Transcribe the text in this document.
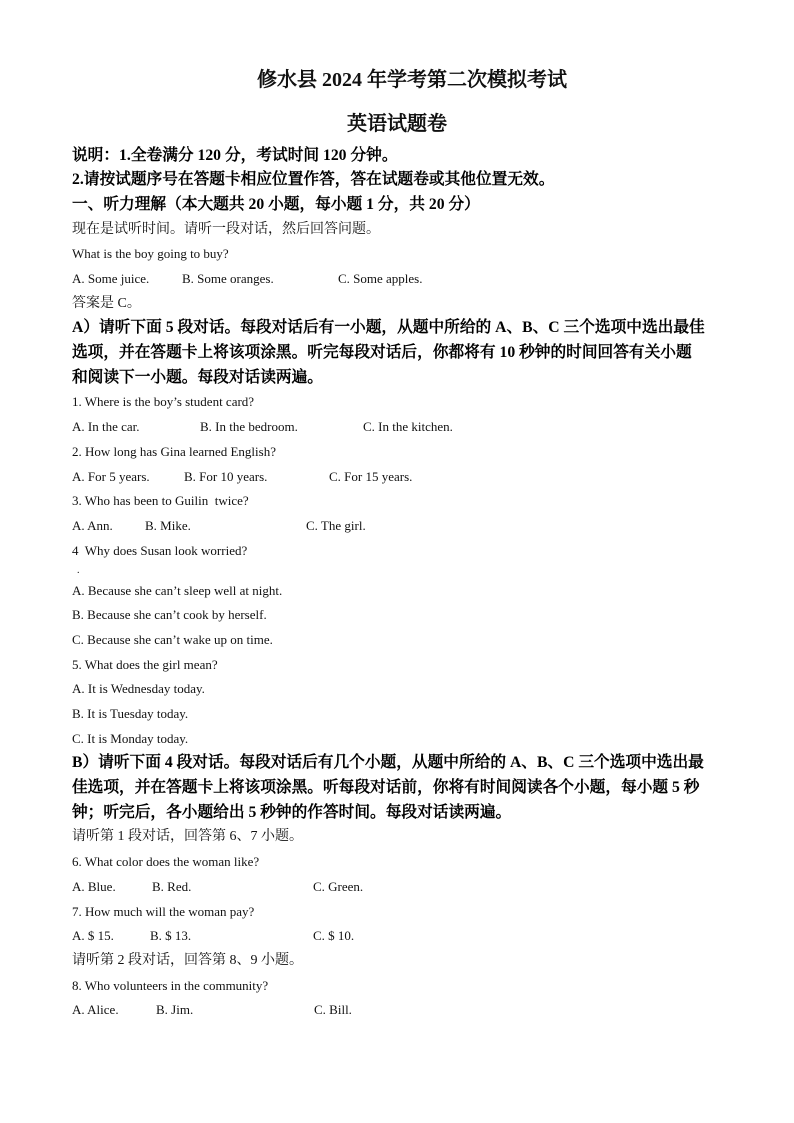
修水县 2024 年学考第二次模拟考试
英语试题卷
说明：1.全卷满分 120 分，考试时间 120 分钟。
2.请按试题序号在答题卡相应位置作答，答在试题卷或其他位置无效。
一、听力理解（本大题共 20 小题，每小题 1 分，共 20 分）
现在是试听时间。请听一段对话，然后回答问题。
What is the boy going to buy?
A. Some juice.	B. Some oranges.	C. Some apples.
答案是 C。
A）请听下面 5 段对话。每段对话后有一小题，从题中所给的 A、B、C 三个选项中选出最佳
选项，并在答题卡上将该项涂黑。听完每段对话后，你都将有 10 秒钟的时间回答有关小题
和阅读下一小题。每段对话读两遍。
1. Where is the boy’s student card?
A. In the car.	B. In the bedroom.	C. In the kitchen.
2. How long has Gina learned English?
A. For 5 years.	B. For 10 years.	C. For 15 years.
3. Who has been to Guilin  twice?
A. Ann. B. Mike.	C. The girl.
4  Why does Susan look worried?
.
A. Because she can’t sleep well at night.
B. Because she can’t cook by herself.
C. Because she can’t wake up on time.
5. What does the girl mean?
A. It is Wednesday today.
B. It is Tuesday today.
C. It is Monday today.
B）请听下面 4 段对话。每段对话后有几个小题，从题中所给的 A、B、C 三个选项中选出最
佳选项，并在答题卡上将该项涂黑。听每段对话前，你将有时间阅读各个小题，每小题 5 秒
钟；听完后，各小题给出 5 秒钟的作答时间。每段对话读两遍。
请听第 1 段对话，回答第 6、7 小题。
6. What color does the woman like?
A. Blue.	B. Red.	C. Green.
7. How much will the woman pay?
A. $ 15.	B. $ 13.	C. $ 10.
请听第 2 段对话，回答第 8、9 小题。
8. Who volunteers in the community?
A. Alice.	B. Jim.	C. Bill.
